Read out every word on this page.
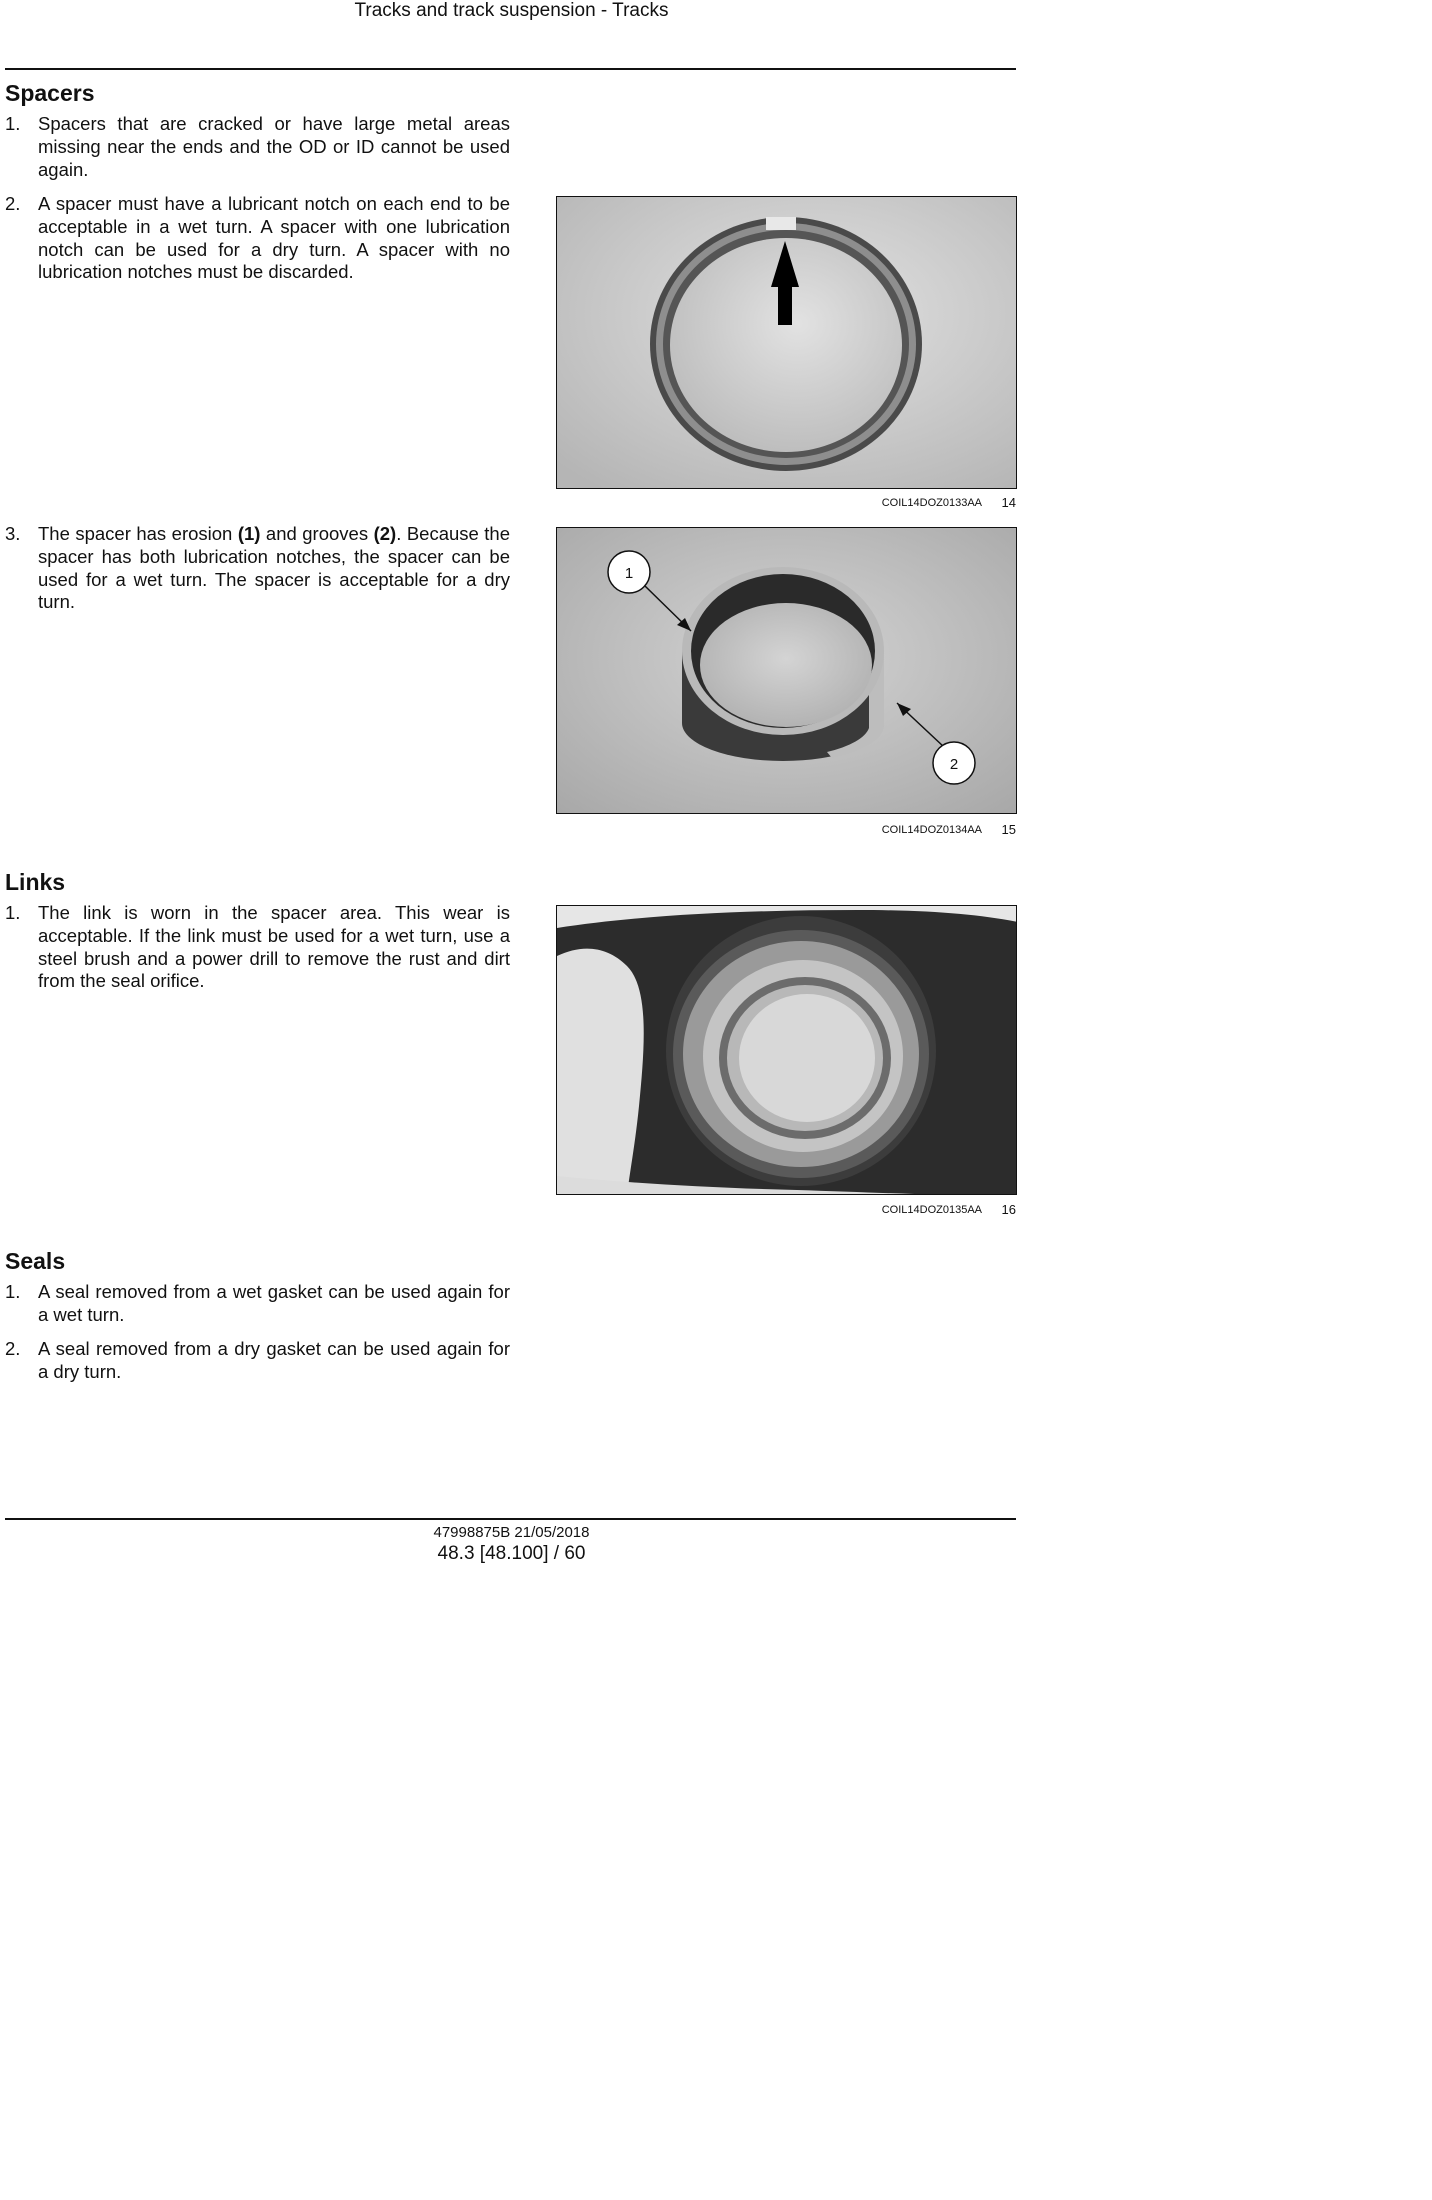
Tracks and track suspension - Tracks
Spacers
1. Spacers that are cracked or have large metal areas missing near the ends and the OD or ID cannot be used again.
2. A spacer must have a lubricant notch on each end to be acceptable in a wet turn. A spacer with one lubrication notch can be used for a dry turn. A spacer with no lubrication notches must be discarded.
3. The spacer has erosion (1) and grooves (2). Because the spacer has both lubrication notches, the spacer can be used for a wet turn. The spacer is acceptable for a dry turn.
COIL14DOZ0133AA 14
1
2
COIL14DOZ0134AA 15
Links
1. The link is worn in the spacer area. This wear is acceptable. If the link must be used for a wet turn, use a steel brush and a power drill to remove the rust and dirt from the seal orifice.
COIL14DOZ0135AA 16
Seals
1. A seal removed from a wet gasket can be used again for a wet turn.
2. A seal removed from a dry gasket can be used again for a dry turn.
47998875B 21/05/2018
48.3 [48.100] / 60
